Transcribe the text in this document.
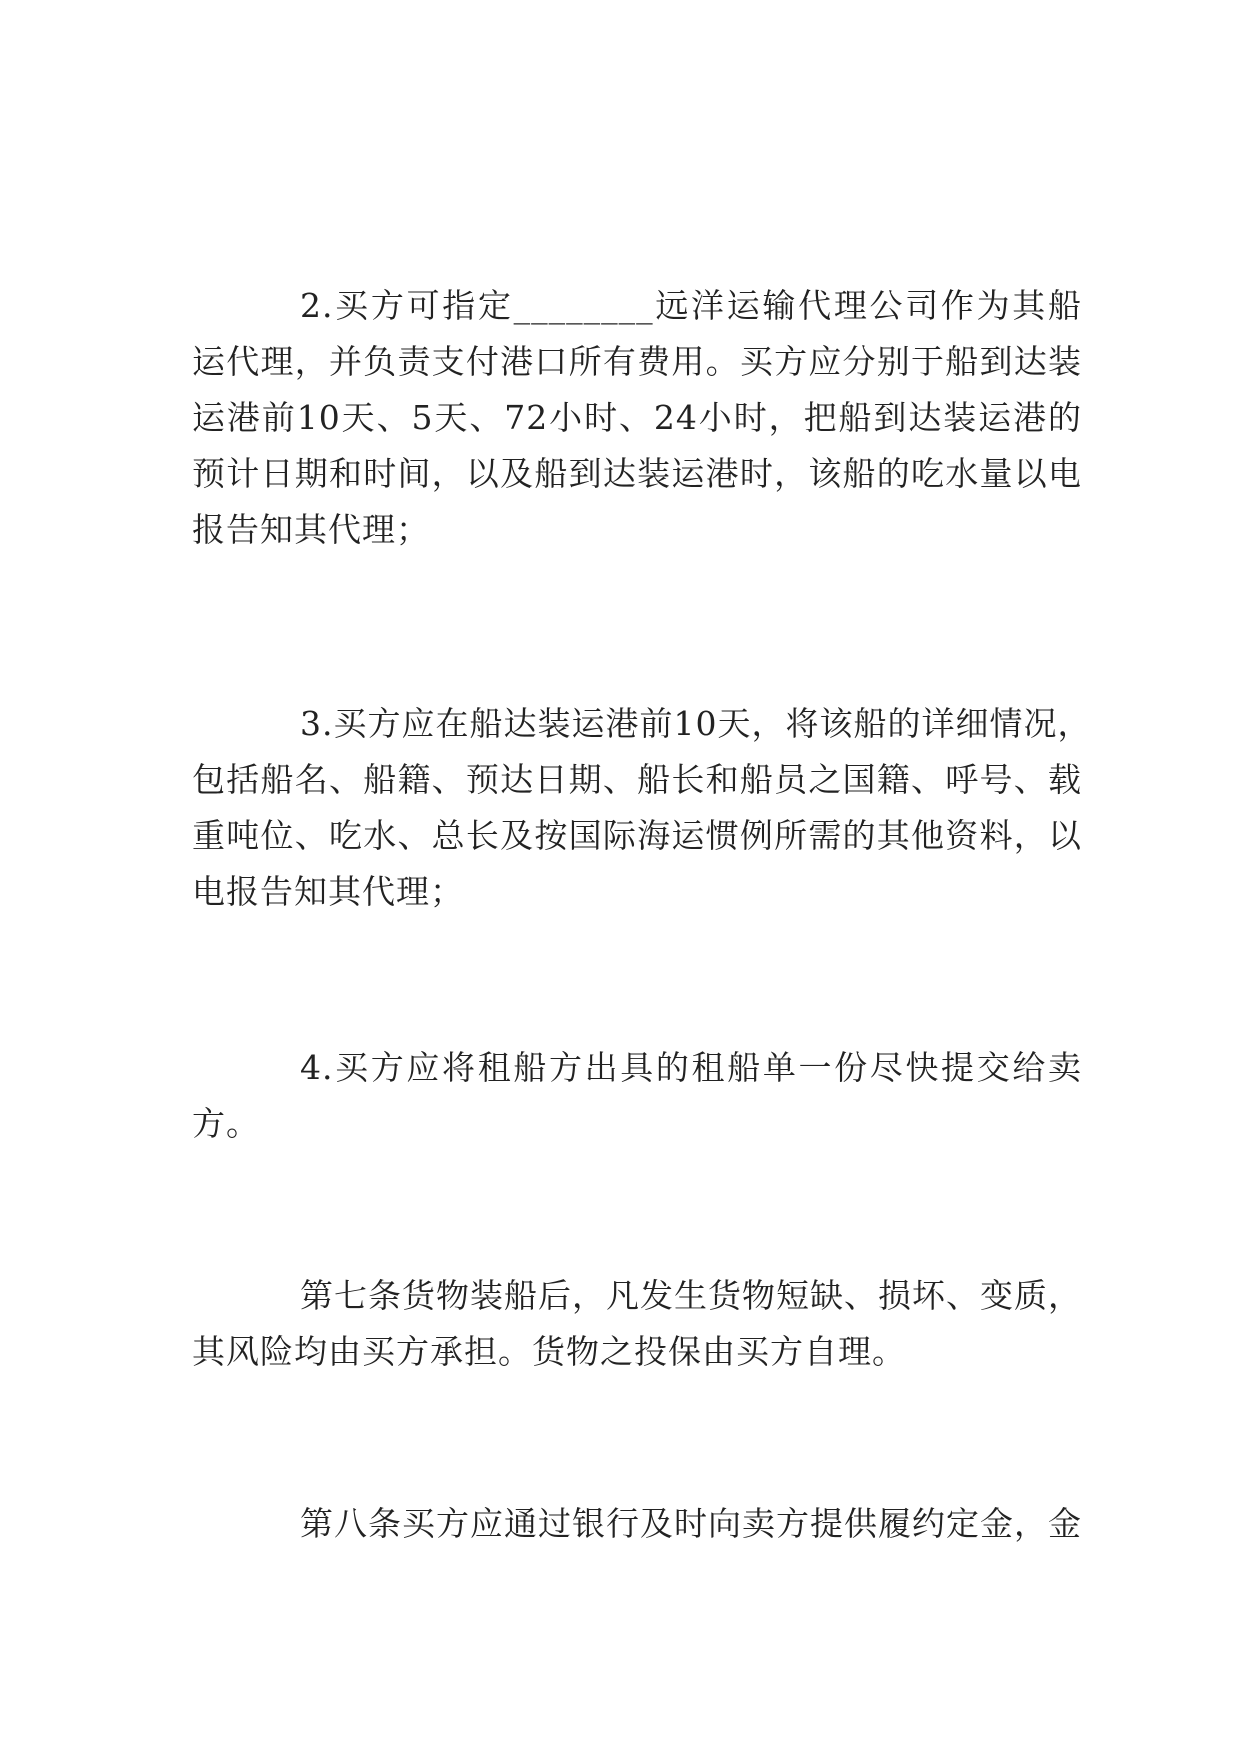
2.买方可指定________远洋运输代理公司作为其船
运代理，并负责支付港口所有费用。买方应分别于船到达装
运港前10天、5天、72小时、24小时，把船到达装运港的
预计日期和时间，以及船到达装运港时，该船的吃水量以电
报告知其代理；
3.买方应在船达装运港前10天，将该船的详细情况，
包括船名、船籍、预达日期、船长和船员之国籍、呼号、载
重吨位、吃水、总长及按国际海运惯例所需的其他资料，以
电报告知其代理；
4.买方应将租船方出具的租船单一份尽快提交给卖
方。
第七条货物装船后，凡发生货物短缺、损坏、变质，
其风险均由买方承担。货物之投保由买方自理。
第八条买方应通过银行及时向卖方提供履约定金，金
